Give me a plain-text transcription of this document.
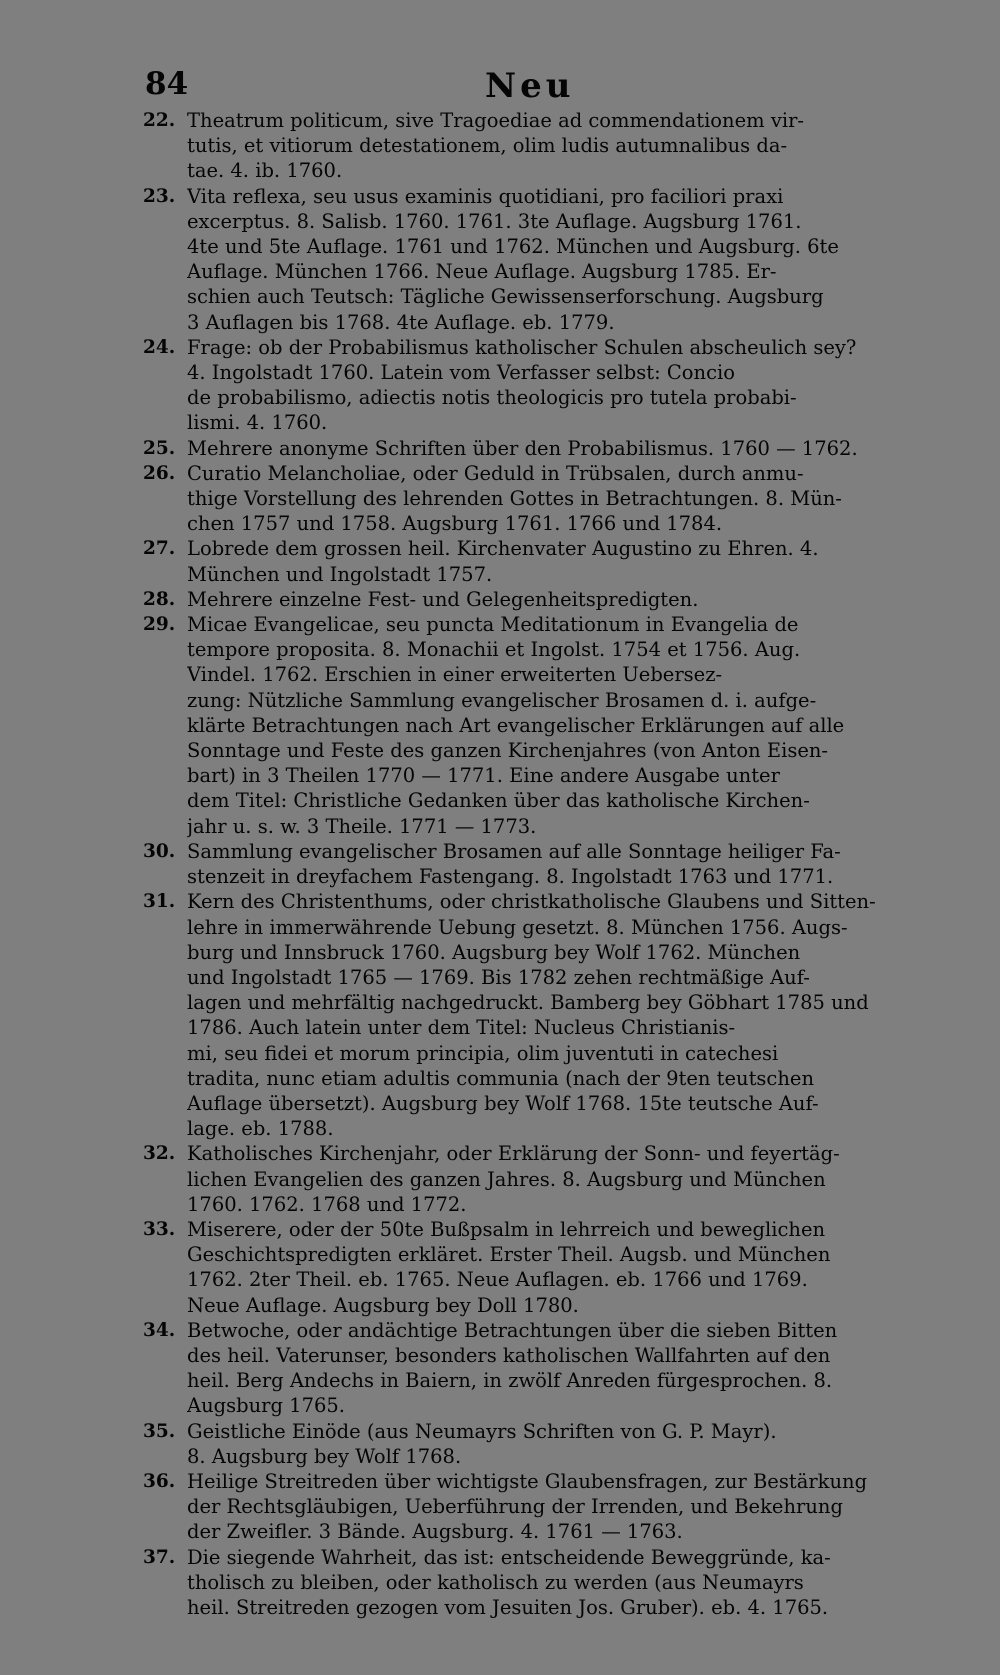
84	Neu
22. Theatrum politicum, sive Tragoediae ad commendationem vir-
tutis, et vitiorum detestationem, olim ludis autumnalibus da-
tae. 4. ib. 1760.
23. Vita reflexa, seu usus examinis quotidiani, pro faciliori praxi
excerptus. 8. Salisb. 1760. 1761. 3te Auflage. Augsburg 1761.
4te und 5te Auflage. 1761 und 1762. München und Augsburg. 6te
Auflage. München 1766. Neue Auflage. Augsburg 1785. Er-
schien auch Teutsch: Tägliche Gewissenserforschung. Augsburg
3 Auflagen bis 1768. 4te Auflage. eb. 1779.
24. Frage: ob der Probabilismus katholischer Schulen abscheulich sey?
4. Ingolstadt 1760. Latein vom Verfasser selbst: Concio
de probabilismo, adiectis notis theologicis pro tutela probabi-
lismi. 4. 1760.
25. Mehrere anonyme Schriften über den Probabilismus. 1760 — 1762.
26. Curatio Melancholiae, oder Geduld in Trübsalen, durch anmu-
thige Vorstellung des lehrenden Gottes in Betrachtungen. 8. Mün-
chen 1757 und 1758. Augsburg 1761. 1766 und 1784.
27. Lobrede dem grossen heil. Kirchenvater Augustino zu Ehren. 4.
München und Ingolstadt 1757.
28. Mehrere einzelne Fest- und Gelegenheitspredigten.
29. Micae Evangelicae, seu puncta Meditationum in Evangelia de
tempore proposita. 8. Monachii et Ingolst. 1754 et 1756. Aug.
Vindel. 1762. Erschien in einer erweiterten Uebersez-
zung: Nützliche Sammlung evangelischer Brosamen d. i. aufge-
klärte Betrachtungen nach Art evangelischer Erklärungen auf alle
Sonntage und Feste des ganzen Kirchenjahres (von Anton Eisen-
bart) in 3 Theilen 1770 — 1771. Eine andere Ausgabe unter
dem Titel: Christliche Gedanken über das katholische Kirchen-
jahr u. s. w. 3 Theile. 1771 — 1773.
30. Sammlung evangelischer Brosamen auf alle Sonntage heiliger Fa-
stenzeit in dreyfachem Fastengang. 8. Ingolstadt 1763 und 1771.
31. Kern des Christenthums, oder christkatholische Glaubens und Sitten-
lehre in immerwährende Uebung gesetzt. 8. München 1756. Augs-
burg und Innsbruck 1760. Augsburg bey Wolf 1762. München
und Ingolstadt 1765 — 1769. Bis 1782 zehen rechtmäßige Auf-
lagen und mehrfältig nachgedruckt. Bamberg bey Göbhart 1785 und
1786. Auch latein unter dem Titel: Nucleus Christianis-
mi, seu fidei et morum principia, olim juventuti in catechesi
tradita, nunc etiam adultis communia (nach der 9ten teutschen
Auflage übersetzt). Augsburg bey Wolf 1768. 15te teutsche Auf-
lage. eb. 1788.
32. Katholisches Kirchenjahr, oder Erklärung der Sonn- und feyertäg-
lichen Evangelien des ganzen Jahres. 8. Augsburg und München
1760. 1762. 1768 und 1772.
33. Miserere, oder der 50te Bußpsalm in lehrreich und beweglichen
Geschichtspredigten erkläret. Erster Theil. Augsb. und München
1762. 2ter Theil. eb. 1765. Neue Auflagen. eb. 1766 und 1769.
Neue Auflage. Augsburg bey Doll 1780.
34. Betwoche, oder andächtige Betrachtungen über die sieben Bitten
des heil. Vaterunser, besonders katholischen Wallfahrten auf den
heil. Berg Andechs in Baiern, in zwölf Anreden fürgesprochen. 8.
Augsburg 1765.
35. Geistliche Einöde (aus Neumayrs Schriften von G. P. Mayr).
8. Augsburg bey Wolf 1768.
36. Heilige Streitreden über wichtigste Glaubensfragen, zur Bestärkung
der Rechtsgläubigen, Ueberführung der Irrenden, und Bekehrung
der Zweifler. 3 Bände. Augsburg. 4. 1761 — 1763.
37. Die siegende Wahrheit, das ist: entscheidende Beweggründe, ka-
tholisch zu bleiben, oder katholisch zu werden (aus Neumayrs
heil. Streitreden gezogen vom Jesuiten Jos. Gruber). eb. 4. 1765.
